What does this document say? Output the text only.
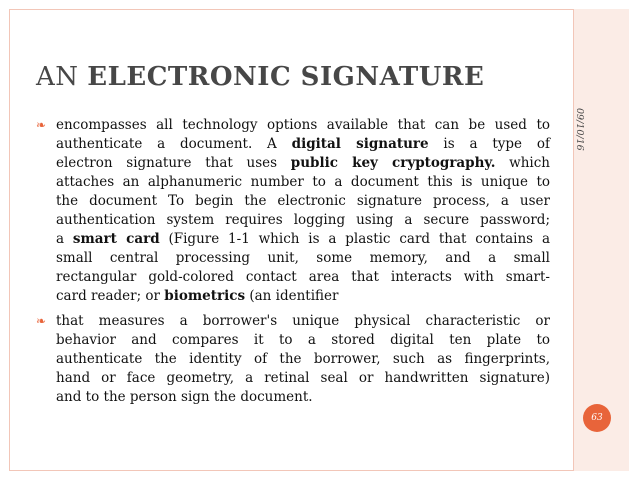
09/10/16
63
AN ELECTRONIC SIGNATURE
❧ encompasses all technology options available that can be used to
authenticate a document. A digital signature is a type of
electron signature that uses public key cryptography. which
attaches an alphanumeric number to a document this is unique to
the document To begin the electronic signature process, a user
authentication system requires logging using a secure password;
a smart card (Figure 1-1 which is a plastic card that contains a
small central processing unit, some memory, and a small
rectangular gold-colored contact area that interacts with smart-
card reader; or biometrics (an identifier
❧ that measures a borrower's unique physical characteristic or
behavior and compares it to a stored digital ten plate to
authenticate the identity of the borrower, such as fingerprints,
hand or face geometry, a retinal seal or handwritten signature)
and to the person sign the document.
